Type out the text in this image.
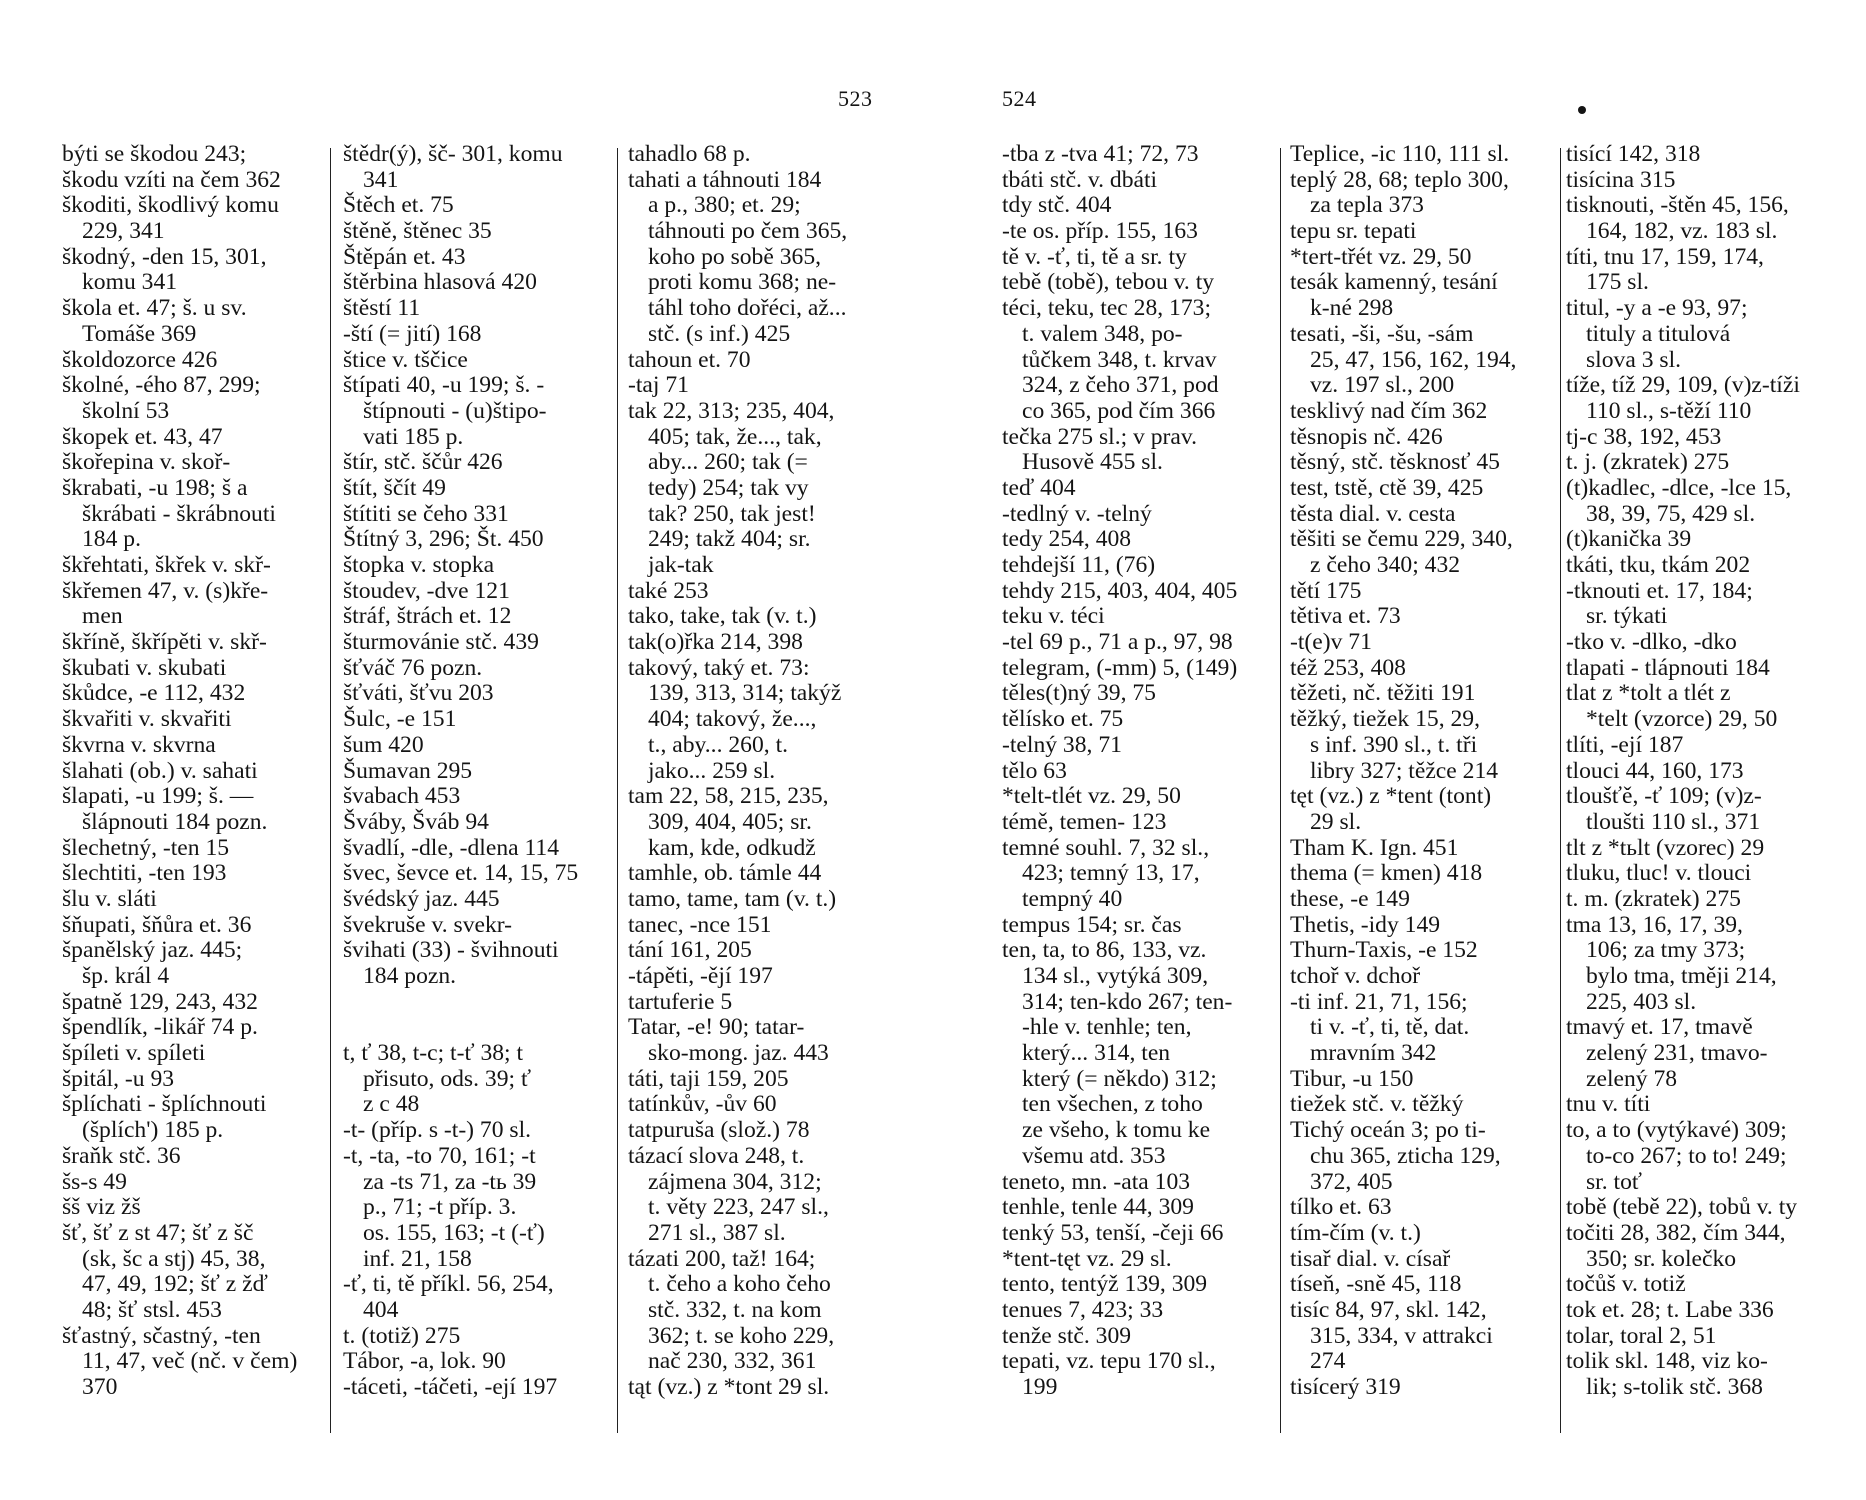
523	524
býti se škodou 243;
škodu vzíti na čem 362
škoditi, škodlivý komu
229, 341
škodný, -den 15, 301,
komu 341
škola et. 47; š. u sv.
Tomáše 369
školdozorce 426
školné, -ého 87, 299;
školní 53
škopek et. 43, 47
škořepina v. skoř-
škrabati, -u 198; š a
škrábati - škrábnouti
184 p.
škřehtati, škřek v. skř-
škřemen 47, v. (s)kře-
men
škříně, škřípěti v. skř-
škubati v. skubati
škůdce, -e 112, 432
škvařiti v. skvařiti
škvrna v. skvrna
šlahati (ob.) v. sahati
šlapati, -u 199; š. —
šlápnouti 184 pozn.
šlechetný, -ten 15
šlechtiti, -ten 193
šlu v. sláti
šňupati, šňůra et. 36
španělský jaz. 445;
šp. král 4
špatně 129, 243, 432
špendlík, -likář 74 p.
špíleti v. spíleti
špitál, -u 93
šplíchati - šplíchnouti
(šplích') 185 p.
šraňk stč. 36
šs-s 49
šš viz žš
šť, šť z st 47; šť z šč
(sk, šc a stj) 45, 38,
47, 49, 192; šť z žď
48; šť stsl. 453
šťastný, sčastný, -ten
11, 47, več (nč. v čem)
370
štědr(ý), šč- 301, komu
341
Štěch et. 75
štěně, štěnec 35
Štěpán et. 43
štěrbina hlasová 420
štěstí 11
-ští (= jití) 168
štice v. tščice
štípati 40, -u 199; š. -
štípnouti - (u)štipo-
vati 185 p.
štír, stč. ščůr 426
štít, ščít 49
štítiti se čeho 331
Štítný 3, 296; Št. 450
štopka v. stopka
štoudev, -dve 121
štráf, štrách et. 12
šturmovánie stč. 439
šťváč 76 pozn.
šťváti, šťvu 203
Šulc, -e 151
šum 420
Šumavan 295
švabach 453
Šváby, Šváb 94
švadlí, -dle, -dlena 114
švec, ševce et. 14, 15, 75
švédský jaz. 445
švekruše v. svekr-
švihati (33) - švihnouti
184 pozn.
t, ť 38, t-c; t-ť 38; t
přisuto, ods. 39; ť
z c 48
-t- (příp. s -t-) 70 sl.
-t, -ta, -to 70, 161; -t
za -ts 71, za -tь 39
p., 71; -t příp. 3.
os. 155, 163; -t (-ť)
inf. 21, 158
-ť, ti, tě příkl. 56, 254,
404
t. (totiž) 275
Tábor, -a, lok. 90
-táceti, -táčeti, -ejí 197
tahadlo 68 p.
tahati a táhnouti 184
a p., 380; et. 29;
táhnouti po čem 365,
koho po sobě 365,
proti komu 368; ne-
táhl toho dořéci, až...
stč. (s inf.) 425
tahoun et. 70
-taj 71
tak 22, 313; 235, 404,
405; tak, že..., tak,
aby... 260; tak (=
tedy) 254; tak vy
tak? 250, tak jest!
249; takž 404; sr.
jak-tak
také 253
tako, take, tak (v. t.)
tak(o)řka 214, 398
takový, taký et. 73:
139, 313, 314; takýž
404; takový, že...,
t., aby... 260, t.
jako... 259 sl.
tam 22, 58, 215, 235,
309, 404, 405; sr.
kam, kde, odkudž
tamhle, ob. támle 44
tamo, tame, tam (v. t.)
tanec, -nce 151
tání 161, 205
-tápěti, -ějí 197
tartuferie 5
Tatar, -e! 90; tatar-
sko-mong. jaz. 443
táti, taji 159, 205
tatínkův, -ův 60
tatpuruša (slož.) 78
tázací slova 248, t.
zájmena 304, 312;
t. věty 223, 247 sl.,
271 sl., 387 sl.
tázati 200, taž! 164;
t. čeho a koho čeho
stč. 332, t. na kom
362; t. se koho 229,
nač 230, 332, 361
tąt (vz.) z *tont 29 sl.
-tba z -tva 41; 72, 73
tbáti stč. v. dbáti
tdy stč. 404
-te os. příp. 155, 163
tě v. -ť, ti, tě a sr. ty
tebě (tobě), tebou v. ty
téci, teku, tec 28, 173;
t. valem 348, po-
tůčkem 348, t. krvav
324, z čeho 371, pod
co 365, pod čím 366
tečka 275 sl.; v prav.
Husově 455 sl.
teď 404
-tedlný v. -telný
tedy 254, 408
tehdejší 11, (76)
tehdy 215, 403, 404, 405
teku v. téci
-tel 69 p., 71 a p., 97, 98
telegram, (-mm) 5, (149)
těles(t)ný 39, 75
tělísko et. 75
-telný 38, 71
tělo 63
*telt-tlét vz. 29, 50
témě, temen- 123
temné souhl. 7, 32 sl.,
423; temný 13, 17,
tempný 40
tempus 154; sr. čas
ten, ta, to 86, 133, vz.
134 sl., vytýká 309,
314; ten-kdo 267; ten-
-hle v. tenhle; ten,
který... 314, ten
který (= někdo) 312;
ten všechen, z toho
ze všeho, k tomu ke
všemu atd. 353
teneto, mn. -ata 103
tenhle, tenle 44, 309
tenký 53, tenší, -čeji 66
*tent-tęt vz. 29 sl.
tento, tentýž 139, 309
tenues 7, 423; 33
tenže stč. 309
tepati, vz. tepu 170 sl.,
199
Teplice, -ic 110, 111 sl.
teplý 28, 68; teplo 300,
za tepla 373
tepu sr. tepati
*tert-třét vz. 29, 50
tesák kamenný, tesání
k-né 298
tesati, -ši, -šu, -sám
25, 47, 156, 162, 194,
vz. 197 sl., 200
tesklivý nad čím 362
těsnopis nč. 426
těsný, stč. těsknosť 45
test, tstě, ctě 39, 425
těsta dial. v. cesta
těšiti se čemu 229, 340,
z čeho 340; 432
tětí 175
tětiva et. 73
-t(e)v 71
též 253, 408
těžeti, nč. těžiti 191
těžký, tiežek 15, 29,
s inf. 390 sl., t. tři
libry 327; těžce 214
tęt (vz.) z *tent (tont)
29 sl.
Tham K. Ign. 451
thema (= kmen) 418
these, -e 149
Thetis, -idy 149
Thurn-Taxis, -e 152
tchoř v. dchoř
-ti inf. 21, 71, 156;
ti v. -ť, ti, tě, dat.
mravním 342
Tibur, -u 150
tiežek stč. v. těžký
Tichý oceán 3; po ti-
chu 365, zticha 129,
372, 405
tílko et. 63
tím-čím (v. t.)
tisař dial. v. císař
tíseň, -sně 45, 118
tisíc 84, 97, skl. 142,
315, 334, v attrakci
274
tisícerý 319
tisící 142, 318
tisícina 315
tisknouti, -štěn 45, 156,
164, 182, vz. 183 sl.
títi, tnu 17, 159, 174,
175 sl.
titul, -y a -e 93, 97;
tituly a titulová
slova 3 sl.
tíže, tíž 29, 109, (v)z-tíži
110 sl., s-těží 110
tj-c 38, 192, 453
t. j. (zkratek) 275
(t)kadlec, -dlce, -lce 15,
38, 39, 75, 429 sl.
(t)kanička 39
tkáti, tku, tkám 202
-tknouti et. 17, 184;
sr. týkati
-tko v. -dlko, -dko
tlapati - tlápnouti 184
tlat z *tolt a tlét z
*telt (vzorce) 29, 50
tlíti, -ejí 187
tlouci 44, 160, 173
tloušťě, -ť 109; (v)z-
tloušti 110 sl., 371
tlt z *tьlt (vzorec) 29
tluku, tluc! v. tlouci
t. m. (zkratek) 275
tma 13, 16, 17, 39,
106; za tmy 373;
bylo tma, tměji 214,
225, 403 sl.
tmavý et. 17, tmavě
zelený 231, tmavo-
zelený 78
tnu v. títi
to, a to (vytýkavé) 309;
to-co 267; to to! 249;
sr. toť
tobě (tebě 22), tobů v. ty
točiti 28, 382, čím 344,
350; sr. kolečko
točůš v. totiž
tok et. 28; t. Labe 336
tolar, toral 2, 51
tolik skl. 148, viz ko-
lik; s-tolik stč. 368
